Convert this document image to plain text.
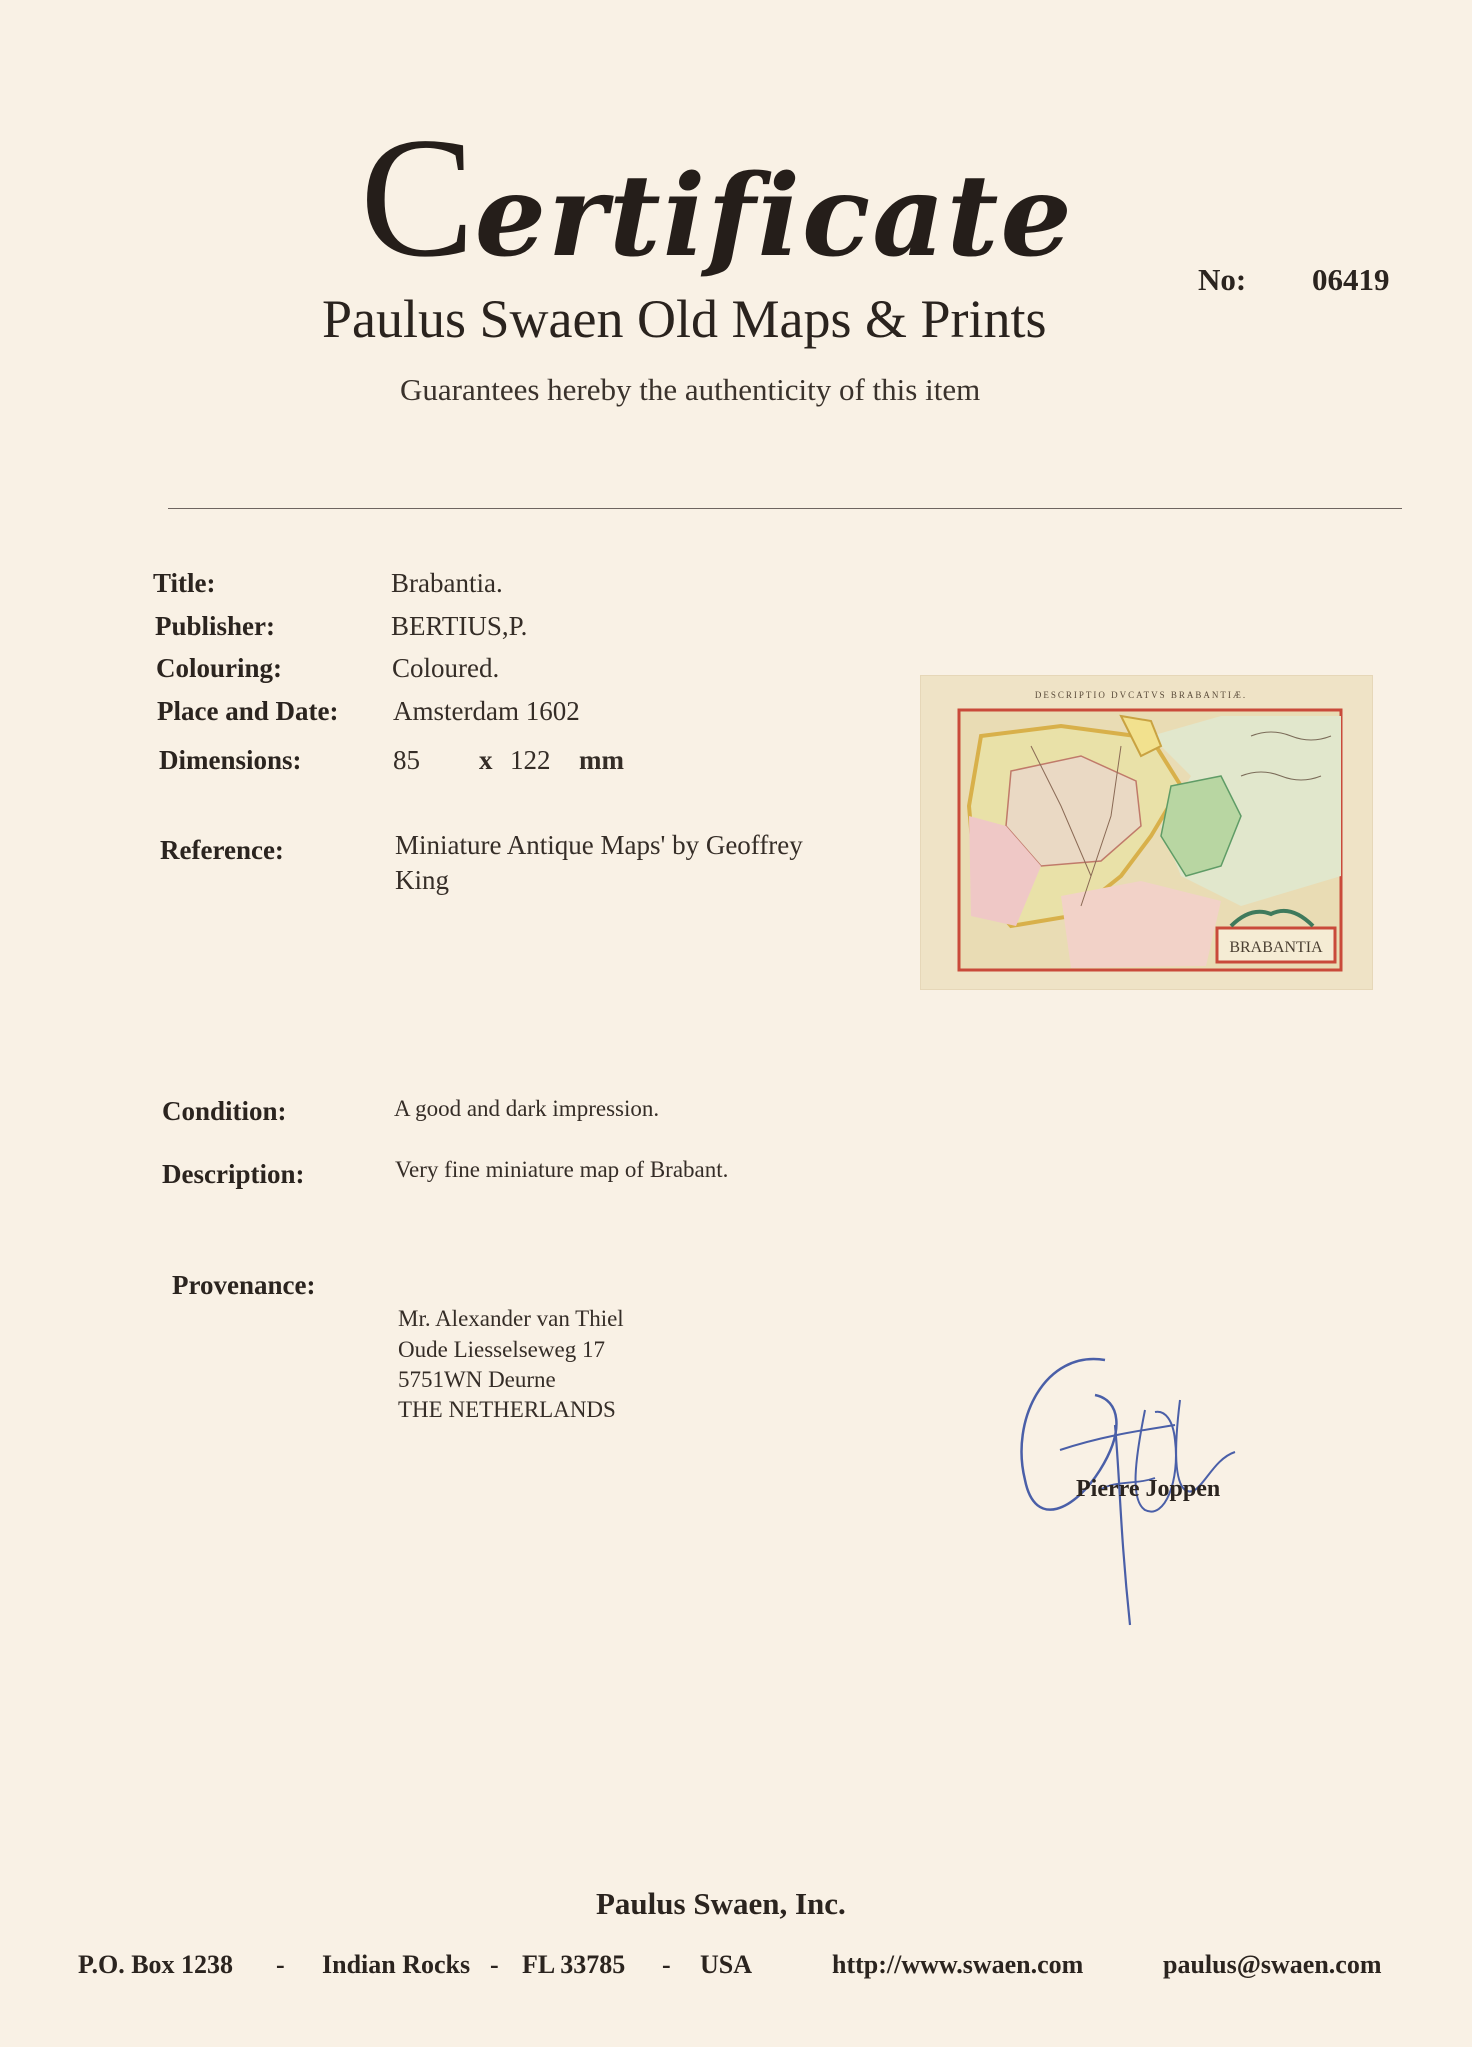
Certificate
Paulus Swaen Old Maps & Prints
Guarantees hereby the authenticity of this item
No: 06419
Title:
Publisher:
Colouring:
Place and Date:
Dimensions:
Reference:
Condition:
Description:
Provenance:
Brabantia.
BERTIUS,P.
Coloured.
Amsterdam 1602
85 x 122 mm
Miniature Antique Maps' by Geoffrey
King
A good and dark impression.
Very fine miniature map of Brabant.
Mr. Alexander van Thiel
Oude Liesselseweg 17
5751WN Deurne
THE NETHERLANDS
DESCRIPTIO DVCATVS BRABANTIÆ.
BRABANTIA
Pierre Joppen
Paulus Swaen, Inc.
P.O. Box 1238 - Indian Rocks - FL 33785 - USA	http://www.swaen.com	paulus@swaen.com
